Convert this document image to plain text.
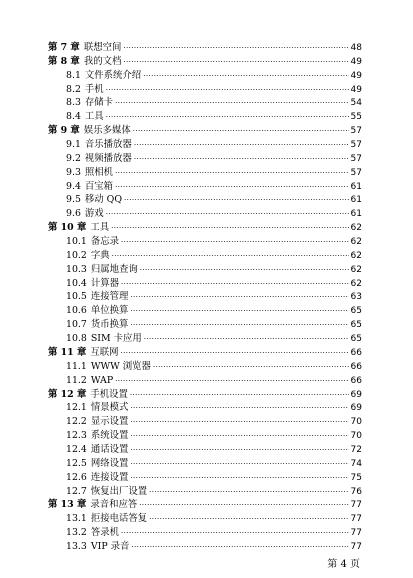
第 7 章 联想空间 ·····	48
第 8 章 我的文档 ·····	49
8.1 文件系统介绍 ·····	49
8.2 手机 ·····	49
8.3 存储卡 ·····	54
8.4 工具 ·····	55
第 9 章 娱乐多媒体 ·····	57
9.1 音乐播放器 ·····	57
9.2 视频播放器 ·····	57
9.3 照相机 ·····	57
9.4 百宝箱 ·····	61
9.5 移动 QQ ·····	61
9.6 游戏 ·····	61
第 10 章 工具 ·····	62
10.1 备忘录 ·····	62
10.2 字典 ·····	62
10.3 归属地查询 ·····	62
10.4 计算器 ·····	62
10.5 连接管理 ·····	63
10.6 单位换算 ·····	65
10.7 货币换算 ·····	65
10.8 SIM 卡应用 ·····	65
第 11 章 互联网 ·····	66
11.1 WWW 浏览器 ·····	66
11.2 WAP ·····	66
第 12 章 手机设置 ·····	69
12.1 情景模式 ·····	69
12.2 显示设置 ·····	70
12.3 系统设置 ·····	70
12.4 通话设置 ·····	72
12.5 网络设置 ·····	74
12.6 连接设置 ·····	75
12.7 恢复出厂设置 ·····	76
第 13 章 录音和应答 ·····	77
13.1 拒接电话答复 ·····	77
13.2 答录机 ·····	77
13.3 VIP 录音 ·····	77
第 4 页
